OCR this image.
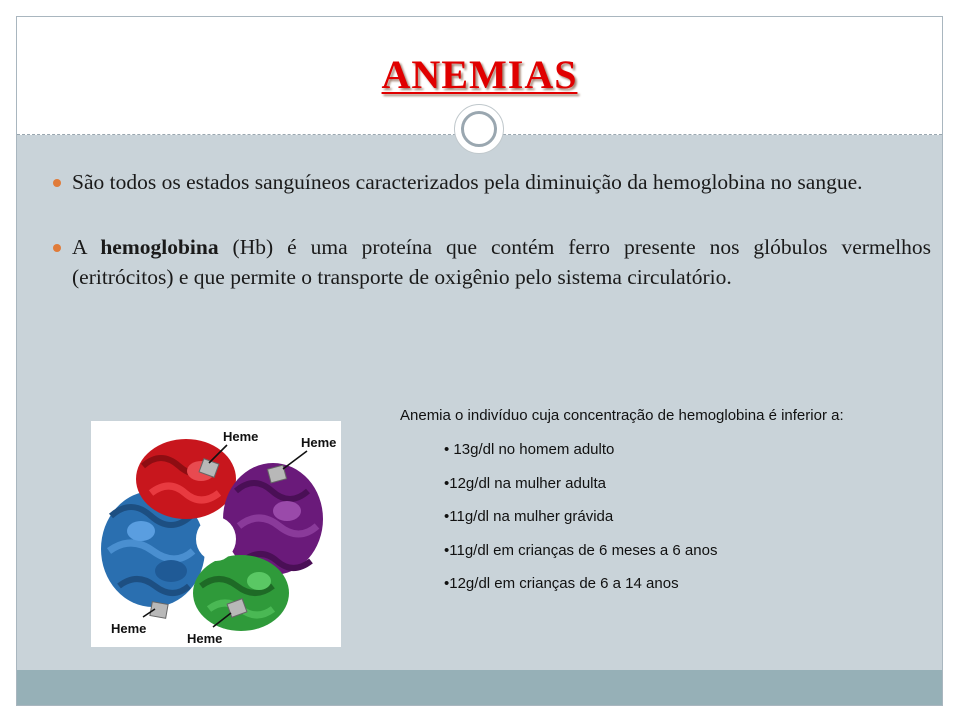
ANEMIAS
São todos os estados sanguíneos caracterizados pela diminuição da hemoglobina no sangue.
A hemoglobina (Hb) é uma proteína que contém ferro presente nos glóbulos vermelhos (eritrócitos) e que permite o transporte de oxigênio pelo sistema circulatório.
Heme	Heme
Heme
Heme

Anemia o indivíduo cuja concentração de hemoglobina é inferior a:

• 13g/dl no homem adulto
•12g/dl na mulher adulta
•11g/dl na mulher grávida
•11g/dl em crianças de 6 meses a 6 anos
•12g/dl em crianças de 6 a 14 anos
